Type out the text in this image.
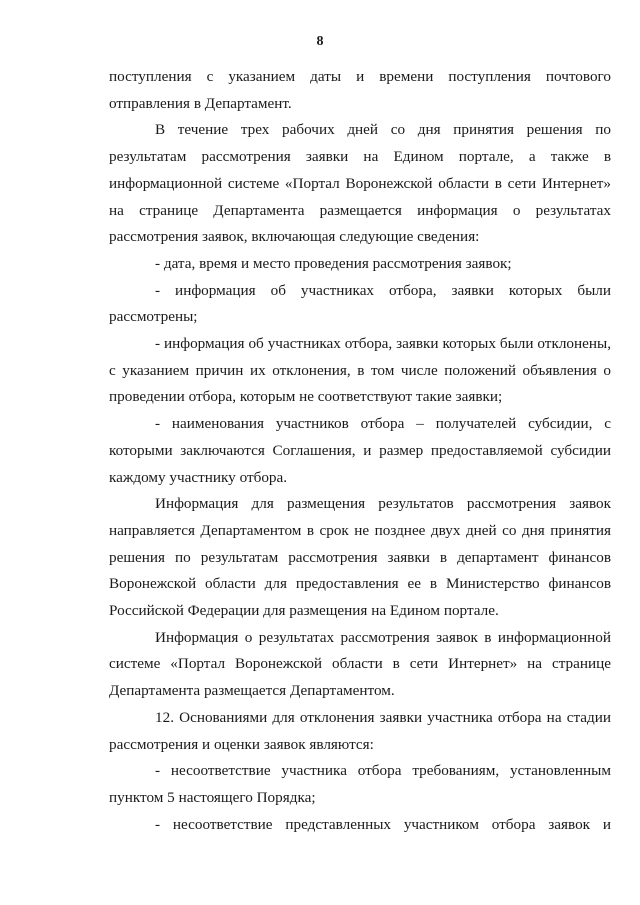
8

поступления с указанием даты и времени поступления почтового отправления в Департамент.

В течение трех рабочих дней со дня принятия решения по результатам рассмотрения заявки на Едином портале, а также в информационной системе «Портал Воронежской области в сети Интернет» на странице Департамента размещается информация о результатах рассмотрения заявок, включающая следующие сведения:

- дата, время и место проведения рассмотрения заявок;

- информация об участниках отбора, заявки которых были рассмотрены;

- информация об участниках отбора, заявки которых были отклонены, с указанием причин их отклонения, в том числе положений объявления о проведении отбора, которым не соответствуют такие заявки;

- наименования участников отбора – получателей субсидии, с которыми заключаются Соглашения, и размер предоставляемой субсидии каждому участнику отбора.

Информация для размещения результатов рассмотрения заявок направляется Департаментом в срок не позднее двух дней со дня принятия решения по результатам рассмотрения заявки в департамент финансов Воронежской области для предоставления ее в Министерство финансов Российской Федерации для размещения на Едином портале.

Информация о результатах рассмотрения заявок в информационной системе «Портал Воронежской области в сети Интернет» на странице Департамента размещается Департаментом.

12. Основаниями для отклонения заявки участника отбора на стадии рассмотрения и оценки заявок являются:

- несоответствие участника отбора требованиям, установленным пунктом 5 настоящего Порядка;

- несоответствие представленных участником отбора заявок и
